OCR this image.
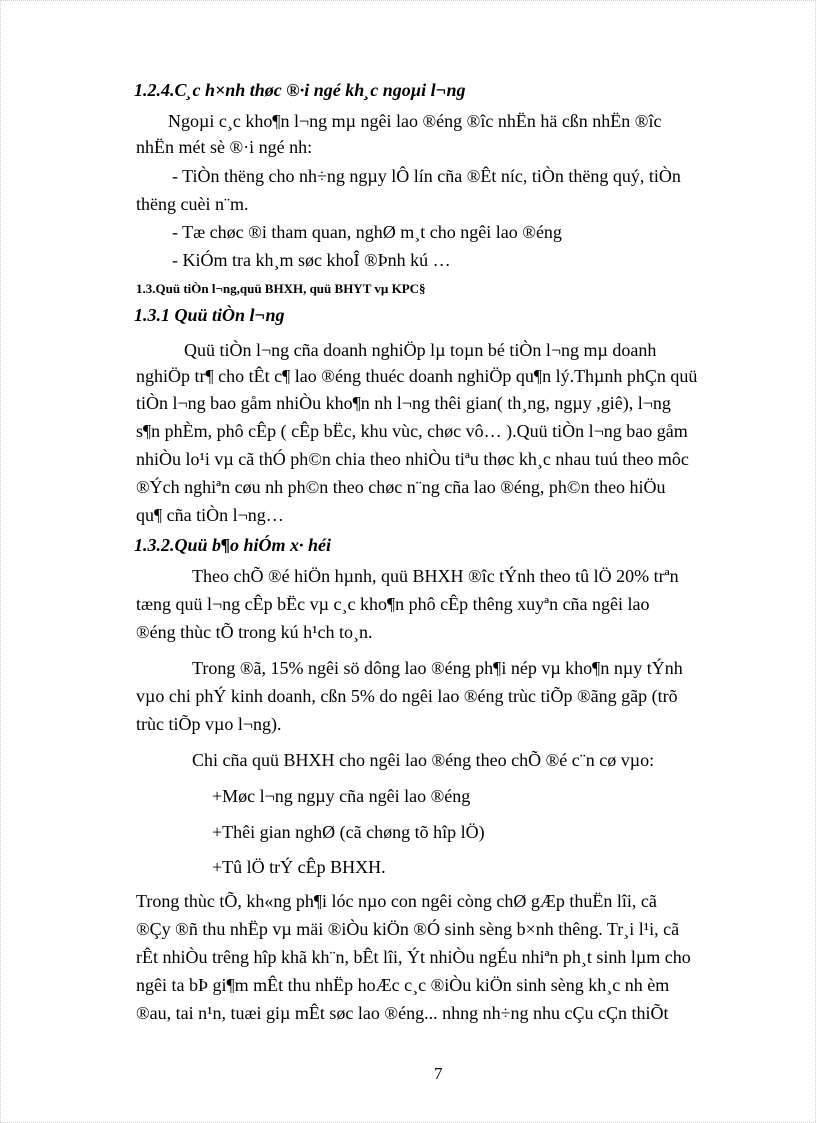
1.2.4.C¸c h×nh thøc ®·i ngé kh¸c ngoµi l¬ng
Ngoµi c¸c kho¶n l¬ng mµ ngêi lao ®éng ®îc nhËn hä cßn nhËn ®îc
nhËn mét sè ®·i ngé nh:
- TiÒn thëng cho nh÷ng ngµy lÔ lín cña ®Êt níc, tiÒn thëng quý, tiÒn
thëng cuèi n¨m.
- Tæ chøc ®i tham quan, nghØ m¸t cho ngêi lao ®éng
- KiÓm tra kh¸m søc khoÎ ®Þnh kú …
1.3.Quü tiÒn l¬ng,quü BHXH, quü BHYT vµ KPC§
1.3.1 Quü tiÒn l¬ng
Quü tiÒn l¬ng cña doanh nghiÖp lµ toµn bé tiÒn l¬ng mµ doanh
nghiÖp tr¶ cho tÊt c¶ lao ®éng thuéc doanh nghiÖp qu¶n lý.Thµnh phÇn quü
tiÒn l¬ng bao gåm nhiÒu kho¶n nh l¬ng thêi gian( th¸ng, ngµy ,giê), l¬ng
s¶n phÈm, phô cÊp ( cÊp bËc, khu vùc, chøc vô… ).Quü tiÒn l¬ng bao gåm
nhiÒu lo¹i vµ cã thÓ ph©n chia theo nhiÒu tiªu thøc kh¸c nhau tuú theo môc
®Ých nghiªn cøu nh ph©n theo chøc n¨ng cña lao ®éng, ph©n theo hiÖu
qu¶ cña tiÒn l¬ng…
1.3.2.Quü b¶o hiÓm x· héi
Theo chÕ ®é hiÖn hµnh, quü BHXH ®îc tÝnh theo tû lÖ 20% trªn
tæng quü l¬ng cÊp bËc vµ c¸c kho¶n phô cÊp thêng xuyªn cña ngêi lao
®éng thùc tÕ trong kú h¹ch to¸n.
Trong ®ã, 15% ngêi sö dông lao ®éng ph¶i nép vµ kho¶n nµy tÝnh
vµo chi phÝ kinh doanh, cßn 5% do ngêi lao ®éng trùc tiÕp ®ãng gãp (trõ
trùc tiÕp vµo l¬ng).
Chi cña quü BHXH cho ngêi lao ®éng theo chÕ ®é c¨n cø vµo:
+Møc l¬ng ngµy cña ngêi lao ®éng
+Thêi gian nghØ (cã chøng tõ hîp lÖ)
+Tû lÖ trÝ cÊp BHXH.
Trong thùc tÕ, kh«ng ph¶i lóc nµo con ngêi còng chØ gÆp thuËn lîi, cã
®Çy ®ñ thu nhËp vµ mäi ®iÒu kiÖn ®Ó sinh sèng b×nh thêng. Tr¸i l¹i, cã
rÊt nhiÒu trêng hîp khã kh¨n, bÊt lîi, Ýt nhiÒu ngÉu nhiªn ph¸t sinh lµm cho
ngêi ta bÞ gi¶m mÊt thu nhËp hoÆc c¸c ®iÒu kiÖn sinh sèng kh¸c nh èm
®au, tai n¹n, tuæi giµ mÊt søc lao ®éng... nhng nh÷ng nhu cÇu cÇn thiÕt
7
